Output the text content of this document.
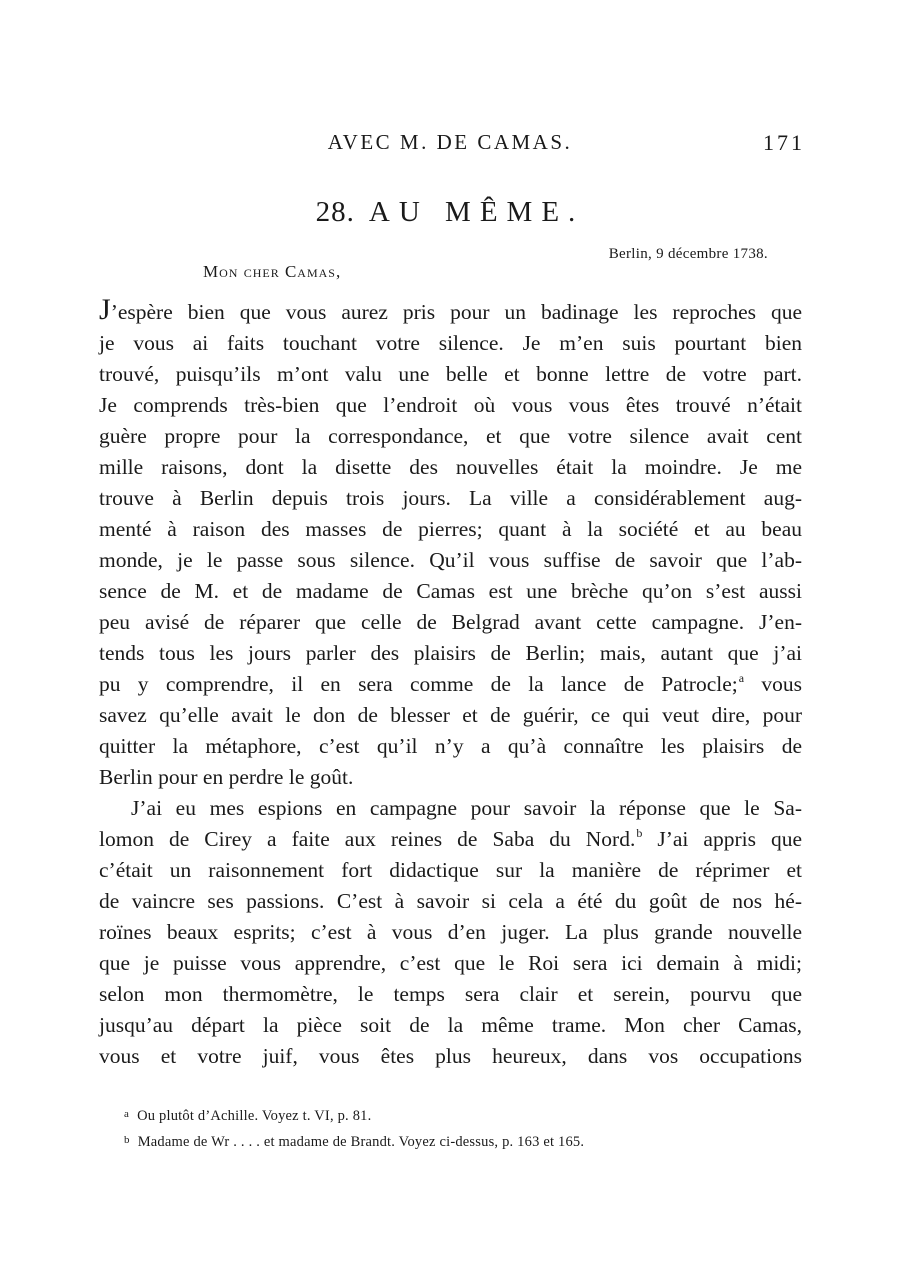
AVEC M. DE CAMAS.	171
28. AU MÊME.
Berlin, 9 décembre 1738.
Mon cher Camas,
J’espère bien que vous aurez pris pour un badinage les reproches que
je vous ai faits touchant votre silence. Je m’en suis pourtant bien
trouvé, puisqu’ils m’ont valu une belle et bonne lettre de votre part.
Je comprends très-bien que l’endroit où vous vous êtes trouvé n’était
guère propre pour la correspondance, et que votre silence avait cent
mille raisons, dont la disette des nouvelles était la moindre. Je me
trouve à Berlin depuis trois jours. La ville a considérablement aug-
menté à raison des masses de pierres; quant à la société et au beau
monde, je le passe sous silence. Qu’il vous suffise de savoir que l’ab-
sence de M. et de madame de Camas est une brèche qu’on s’est aussi
peu avisé de réparer que celle de Belgrad avant cette campagne. J’en-
tends tous les jours parler des plaisirs de Berlin; mais, autant que j’ai
pu y comprendre, il en sera comme de la lance de Patrocle;$^a$ vous
savez qu’elle avait le don de blesser et de guérir, ce qui veut dire, pour
quitter la métaphore, c’est qu’il n’y a qu’à connaître les plaisirs de
Berlin pour en perdre le goût.
J’ai eu mes espions en campagne pour savoir la réponse que le Sa-
lomon de Cirey a faite aux reines de Saba du Nord.$^b$ J’ai appris que
c’était un raisonnement fort didactique sur la manière de réprimer et
de vaincre ses passions. C’est à savoir si cela a été du goût de nos hé-
roïnes beaux esprits; c’est à vous d’en juger. La plus grande nouvelle
que je puisse vous apprendre, c’est que le Roi sera ici demain à midi;
selon mon thermomètre, le temps sera clair et serein, pourvu que
jusqu’au départ la pièce soit de la même trame. Mon cher Camas,
vous et votre juif, vous êtes plus heureux, dans vos occupations
$^a$ Ou plutôt d’Achille. Voyez t. VI, p. 81.
$^b$ Madame de Wr . . . . et madame de Brandt. Voyez ci-dessus, p. 163 et 165.
